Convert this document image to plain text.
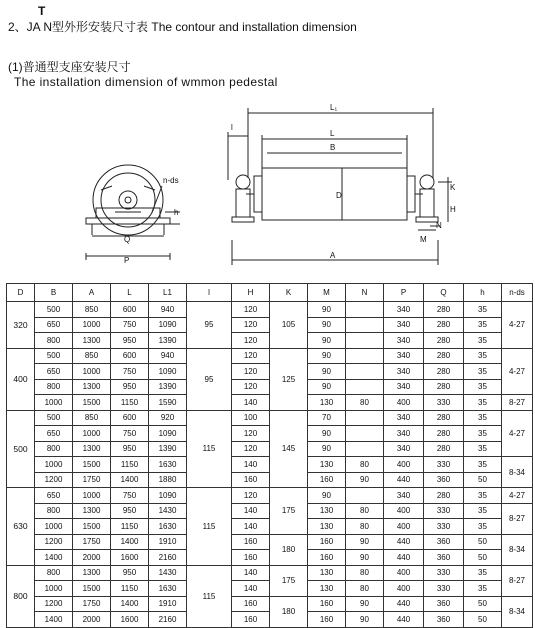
T
2、JA N型外形安装尺寸表 The contour and installation dimension
(1)普通型支座安装尺寸
The installation dimension of wmmon pedestal
n-ds
h
Q
P
L₁
l
L
B
D
K
H
M
N
A
D	B	A	L	L1	l	H	K	M	N	P	Q	h	n-ds
320	500	850	600	940	95	120	105	90		340	280	35	4-27
	650	1000	750	1090		120		90		340	280	35	
	800	1300	950	1390		120		90		340	280	35	
400	500	850	600	940	95	120	125	90		340	280	35	4-27
	650	1000	750	1090		120		90		340	280	35	
	800	1300	950	1390		120		90		340	280	35	
	1000	1500	1150	1590		140		130	80	400	330	35	8-27
500	500	850	600	920	115	100	145	70		340	280	35	4-27
	650	1000	750	1090		120		90		340	280	35	
	800	1300	950	1390		120		90		340	280	35	
	1000	1500	1150	1630		140		130	80	400	330	35	8-34
	1200	1750	1400	1880		160		160	90	440	360	50	
630	650	1000	750	1090	115	120	175	90		340	280	35	4-27
	800	1300	950	1430		140		130	80	400	330	35	8-27
	1000	1500	1150	1630		140		130	80	400	330	35	
	1200	1750	1400	1910		160	180	160	90	440	360	50	8-34
	1400	2000	1600	2160		160		160	90	440	360	50	
800	800	1300	950	1430	115	140	175	130	80	400	330	35	8-27
	1000	1500	1150	1630		140		130	80	400	330	35	
	1200	1750	1400	1910		160	180	160	90	440	360	50	8-34
	1400	2000	1600	2160		160		160	90	440	360	50	
